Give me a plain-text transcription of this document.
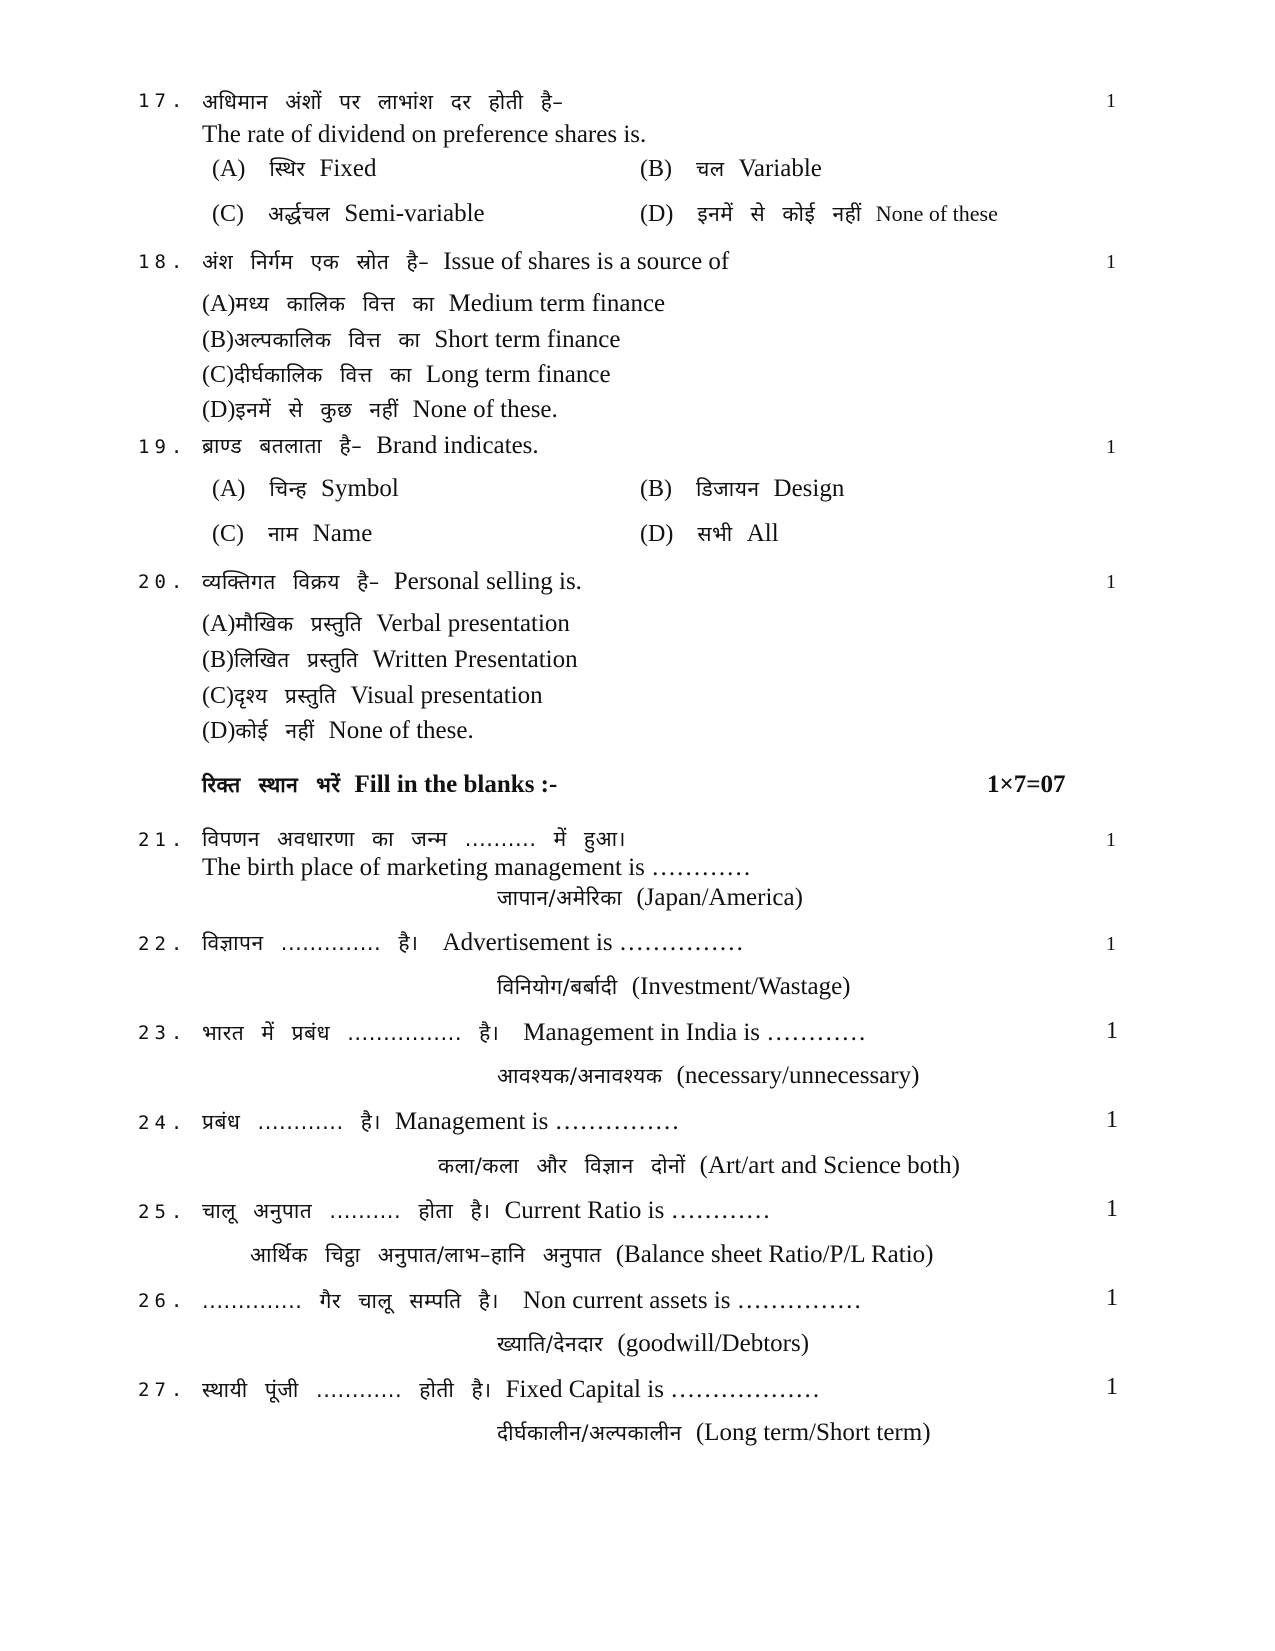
17. अधिमान अंशों पर लाभांश दर होती है–	1
The rate of dividend on preference shares is.
(A) स्थिर Fixed	(B) चल Variable
(C) अर्द्धचल Semi-variable	(D) इनमें से कोई नहीं None of these
18. अंश निर्गम एक स्रोत है– Issue of shares is a source of	1
(A)मध्य कालिक वित्त का Medium term finance
(B)अल्पकालिक वित्त का Short term finance
(C)दीर्घकालिक वित्त का Long term finance
(D)इनमें से कुछ नहीं None of these.
19. ब्राण्ड बतलाता है– Brand indicates.	1
(A) चिन्ह Symbol	(B) डिजायन Design
(C) नाम Name	(D) सभी All
20. व्यक्तिगत विक्रय है– Personal selling is.	1
(A)मौखिक प्रस्तुति Verbal presentation
(B)लिखित प्रस्तुति Written Presentation
(C)दृश्य प्रस्तुति Visual presentation
(D)कोई नहीं None of these.
रिक्त स्थान भरें Fill in the blanks :-	1×7=07
21. विपणन अवधारणा का जन्म .......... में हुआ।	1
The birth place of marketing management is …………
जापान/अमेरिका (Japan/America)
22. विज्ञापन .............. है। Advertisement is ……………	1
विनियोग/बर्बादी (Investment/Wastage)
23. भारत में प्रबंध ................ है। Management in India is …………	1
आवश्यक/अनावश्यक (necessary/unnecessary)
24. प्रबंध ............ है। Management is ……………	1
कला/कला और विज्ञान दोनों (Art/art and Science both)
25. चालू अनुपात .......... होता है। Current Ratio is …………	1
आर्थिक चिट्ठा अनुपात/लाभ–हानि अनुपात (Balance sheet Ratio/P/L Ratio)
26. .............. गैर चालू सम्पति है। Non current assets is ……………	1
ख्याति/देनदार (goodwill/Debtors)
27. स्थायी पूंजी ............ होती है। Fixed Capital is ………………	1
दीर्घकालीन/अल्पकालीन (Long term/Short term)
